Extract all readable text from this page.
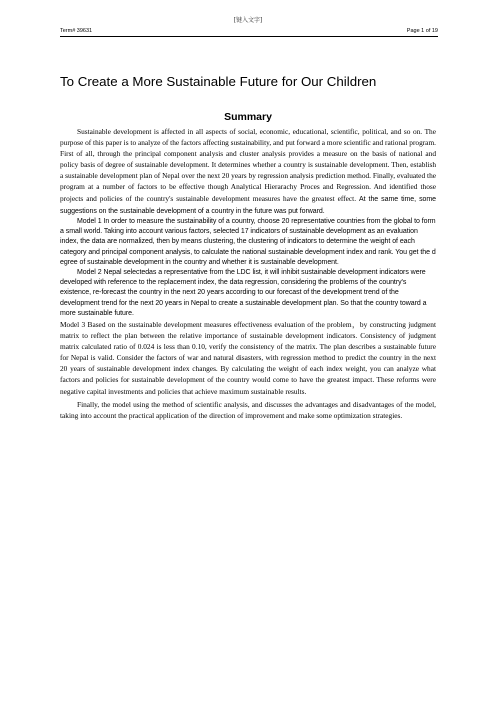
[键入文字]
Term# 39631	Page 1 of 19
To Create a More Sustainable Future for Our Children
Summary

Sustainable development is affected in all aspects of social, economic, educational, scientific, political, and so on. The purpose of this paper is to analyze of the factors affecting sustainability, and put forward a more scientific and rational program. First of all, through the principal component analysis and cluster analysis provides a measure on the basis of national and policy basis of degree of sustainable development. It determines whether a country is sustainable development. Then, establish a sustainable development plan of Nepal over the next 20 years by regression analysis prediction method. Finally, evaluated the program at a number of factors to be effective though Analytical Hierarachy Proces and Regression. And identified those projects and policies of the country's sustainable development measures have the greatest effect. At the same time, some suggestions on the sustainable development of a country in the future was put forward.

Model 1 In order to measure the sustainability of a country, choose 20 representative countries from the global to form a small world. Taking into account various factors, selected 17 indicators of sustainable development as an evaluation index, the data are normalized, then by means clustering, the clustering of indicators to determine the weight of each category and principal component analysis, to calculate the national sustainable development index and rank. You get the d egree of sustainable development in the country and whether it is sustainable development.

Model 2 Nepal selectedas a representative from the LDC list, it will inhibit sustainable development indicators were developed with reference to the replacement index, the data regression, considering the problems of the country's existence, re-forecast the country in the next 20 years according to our forecast of the development trend of the development trend for the next 20 years in Nepal to create a sustainable development plan. So that the country toward a more sustainable future.

Model 3 Based on the sustainable development measures effectiveness evaluation of the problem，by constructing judgment matrix to reflect the plan between the relative importance of sustainable development indicators. Consistency of judgment matrix calculated ratio of 0.024 is less than 0.10, verify the consistency of the matrix. The plan describes a sustainable future for Nepal is valid. Consider the factors of war and natural disasters, with regression method to predict the country in the next 20 years of sustainable development index changes. By calculating the weight of each index weight, you can analyze what factors and policies for sustainable development of the country would come to have the greatest impact. These reforms were negative capital investments and policies that achieve maximum sustainable results.

Finally, the model using the method of scientific analysis, and discusses the advantages and disadvantages of the model, taking into account the practical application of the direction of improvement and make some optimization strategies.
